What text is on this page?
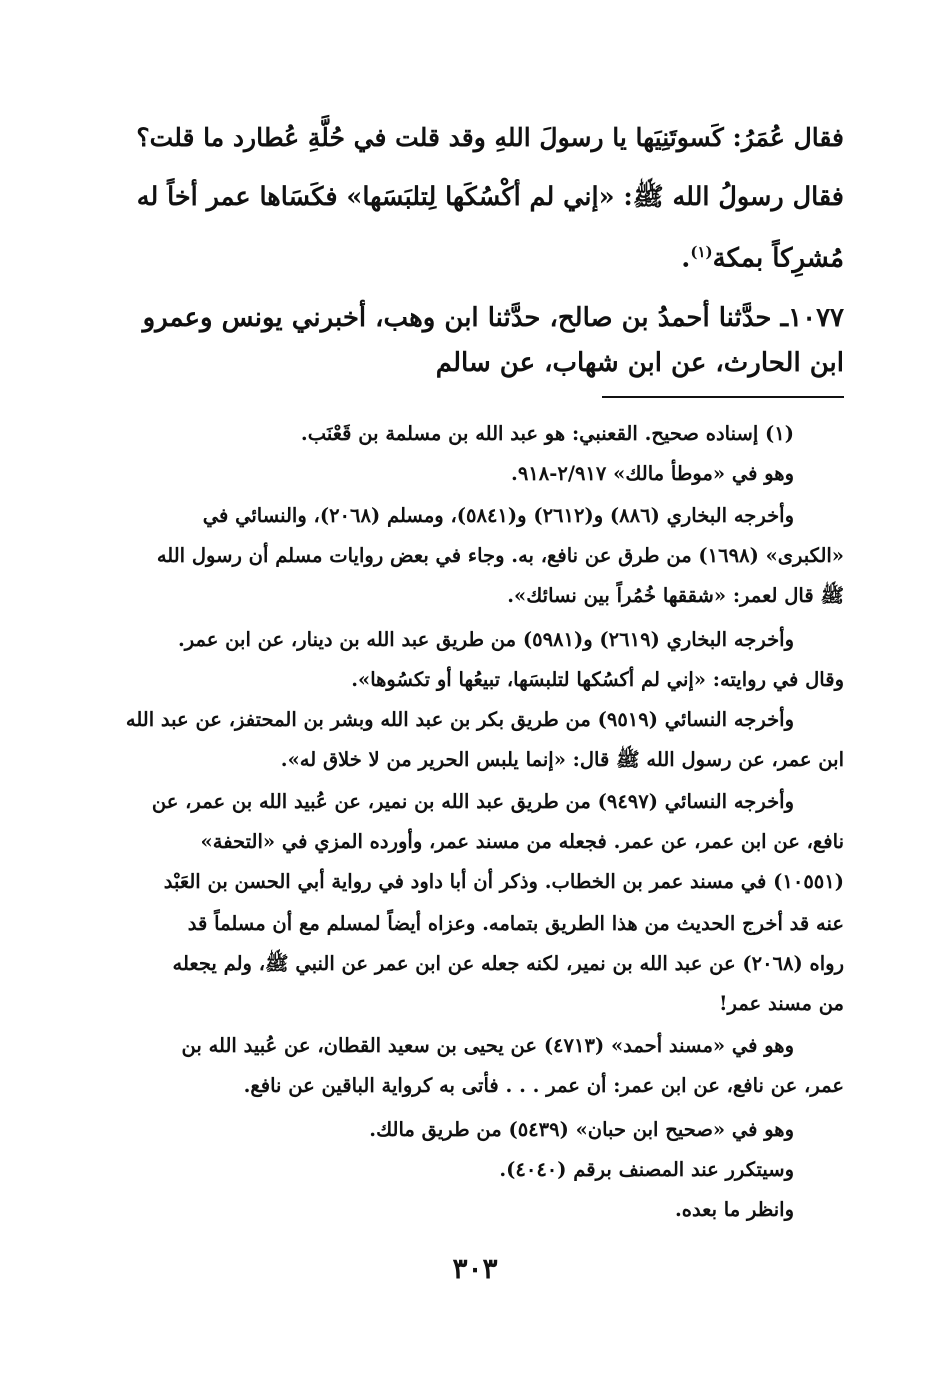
فقال عُمَرُ: كَسوتَنِيَها يا رسولَ اللهِ وقد قلت في حُلَّةِ عُطارد ما قلت؟
فقال رسولُ الله ﷺ: «إني لم أكْسُكَها لِتلبَسَها» فكَسَاها عمر أخاً له
مُشرِكاً بمكة$^{(١)}$.
١٠٧٧ـ حدَّثنا أحمدُ بن صالح، حدَّثنا ابن وهب، أخبرني يونس وعمرو
ابن الحارث، عن ابن شهاب، عن سالم
(١) إسناده صحيح. القعنبي: هو عبد الله بن مسلمة بن قَعْنَب.
وهو في «موطأ مالك» ٢/٩١٧-٩١٨.
وأخرجه البخاري (٨٨٦) و(٢٦١٢) و(٥٨٤١)، ومسلم (٢٠٦٨)، والنسائي في
«الكبرى» (١٦٩٨) من طرق عن نافع، به. وجاء في بعض روايات مسلم أن رسول الله
ﷺ قال لعمر: «شققها خُمُراً بين نسائك».
وأخرجه البخاري (٢٦١٩) و(٥٩٨١) من طريق عبد الله بن دينار، عن ابن عمر.
وقال في روايته: «إني لم أكسُكها لتلبسَها، تبيعُها أو تكسُوها».
وأخرجه النسائي (٩٥١٩) من طريق بكر بن عبد الله وبشر بن المحتفز، عن عبد الله
ابن عمر، عن رسول الله ﷺ قال: «إنما يلبس الحرير من لا خلاق له».
وأخرجه النسائي (٩٤٩٧) من طريق عبد الله بن نمير، عن عُبيد الله بن عمر، عن
نافع، عن ابن عمر، عن عمر. فجعله من مسند عمر، وأورده المزي في «التحفة»
(١٠٥٥١) في مسند عمر بن الخطاب. وذكر أن أبا داود في رواية أبي الحسن بن العَبْد
عنه قد أخرج الحديث من هذا الطريق بتمامه. وعزاه أيضاً لمسلم مع أن مسلماً قد
رواه (٢٠٦٨) عن عبد الله بن نمير، لكنه جعله عن ابن عمر عن النبي ﷺ، ولم يجعله
من مسند عمر!
وهو في «مسند أحمد» (٤٧١٣) عن يحيى بن سعيد القطان، عن عُبيد الله بن
عمر، عن نافع، عن ابن عمر: أن عمر . . . فأتى به كرواية الباقين عن نافع.
وهو في «صحيح ابن حبان» (٥٤٣٩) من طريق مالك.
وسيتكرر عند المصنف برقم (٤٠٤٠).
وانظر ما بعده.
٣٠٣
